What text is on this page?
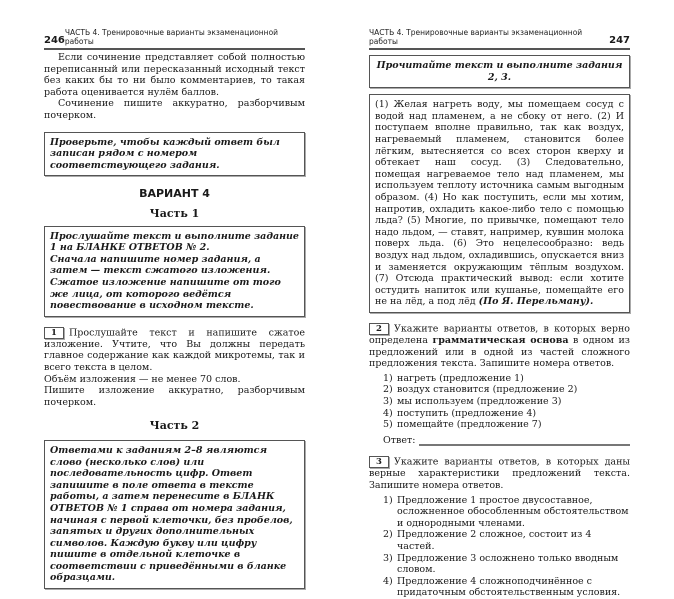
246
ЧАСТЬ 4. Тренировочные варианты экзаменационной работы

Если сочинение представляет собой полностью переписанный или пересказанный исходный текст без каких бы то ни было комментариев, то такая работа оценивается нулём баллов.

Сочинение пишите аккуратно, разборчивым почерком.

Проверьте, чтобы каждый ответ был записан рядом с номером соответствующего задания.
ВАРИАНТ 4
Часть 1
Прослушайте текст и выполните задание 1 на БЛАНКЕ ОТВЕТОВ № 2.
Сначала напишите номер задания, а затем — текст сжатого изложения. Сжатое изложение напишите от того же лица, от которого ведётся повествование в исходном тексте.

1 Прослушайте текст и напишите сжатое изложение. Учтите, что Вы должны передать главное содержание как каждой микротемы, так и всего текста в целом.

Объём изложения — не менее 70 слов.

Пишите изложение аккуратно, разборчивым почерком.

Часть 2
Ответами к заданиям 2–8 являются слово (несколько слов) или последовательность цифр. Ответ запишите в поле ответа в тексте работы, а затем перенесите в БЛАНК ОТВЕТОВ № 1 справа от номера задания, начиная с первой клеточки, без пробелов, запятых и других дополнительных символов. Каждую букву или цифру пишите в отдельной клеточке в соответствии с приведёнными в бланке образцами.
ЧАСТЬ 4. Тренировочные варианты экзаменационной работы	247
Прочитайте текст и выполните задания 2, 3.

(1) Желая нагреть воду, мы помещаем сосуд с водой над пламенем, а не сбоку от него. (2) И поступаем вполне правильно, так как воздух, нагреваемый пламенем, становится более лёгким, вытесняется со всех сторон кверху и обтекает наш сосуд. (3) Следовательно, помещая нагреваемое тело над пламенем, мы используем теплоту источника самым выгодным образом. (4) Но как поступить, если мы хотим, напротив, охладить какое-либо тело с помощью льда? (5) Многие, по привычке, помещают тело надо льдом, — ставят, например, кувшин молока поверх льда. (6) Это нецелесообразно: ведь воздух над льдом, охладившись, опускается вниз и заменяется окружающим тёплым воздухом. (7) Отсюда практический вывод: если хотите остудить напиток или кушанье, помещайте его не на лёд, а под лёд (По Я. Перельману).

2 Укажите варианты ответов, в которых верно определена грамматическая основа в одном из предложений или в одной из частей сложного предложения текста. Запишите номера ответов.

1) нагреть (предложение 1)
2) воздух становится (предложение 2)
3) мы используем (предложение 3)
4) поступить (предложение 4)
5) помещайте (предложение 7)
Ответ:

3 Укажите варианты ответов, в которых даны верные характеристики предложений текста. Запишите номера ответов.

1) Предложение 1 простое двусоставное, осложненное обособленным обстоятельством и однородными членами.
2) Предложение 2 сложное, состоит из 4 частей.
3) Предложение 3 осложнено только вводным словом.
4) Предложение 4 сложноподчинённое с придаточным обстоятельственным условия.
